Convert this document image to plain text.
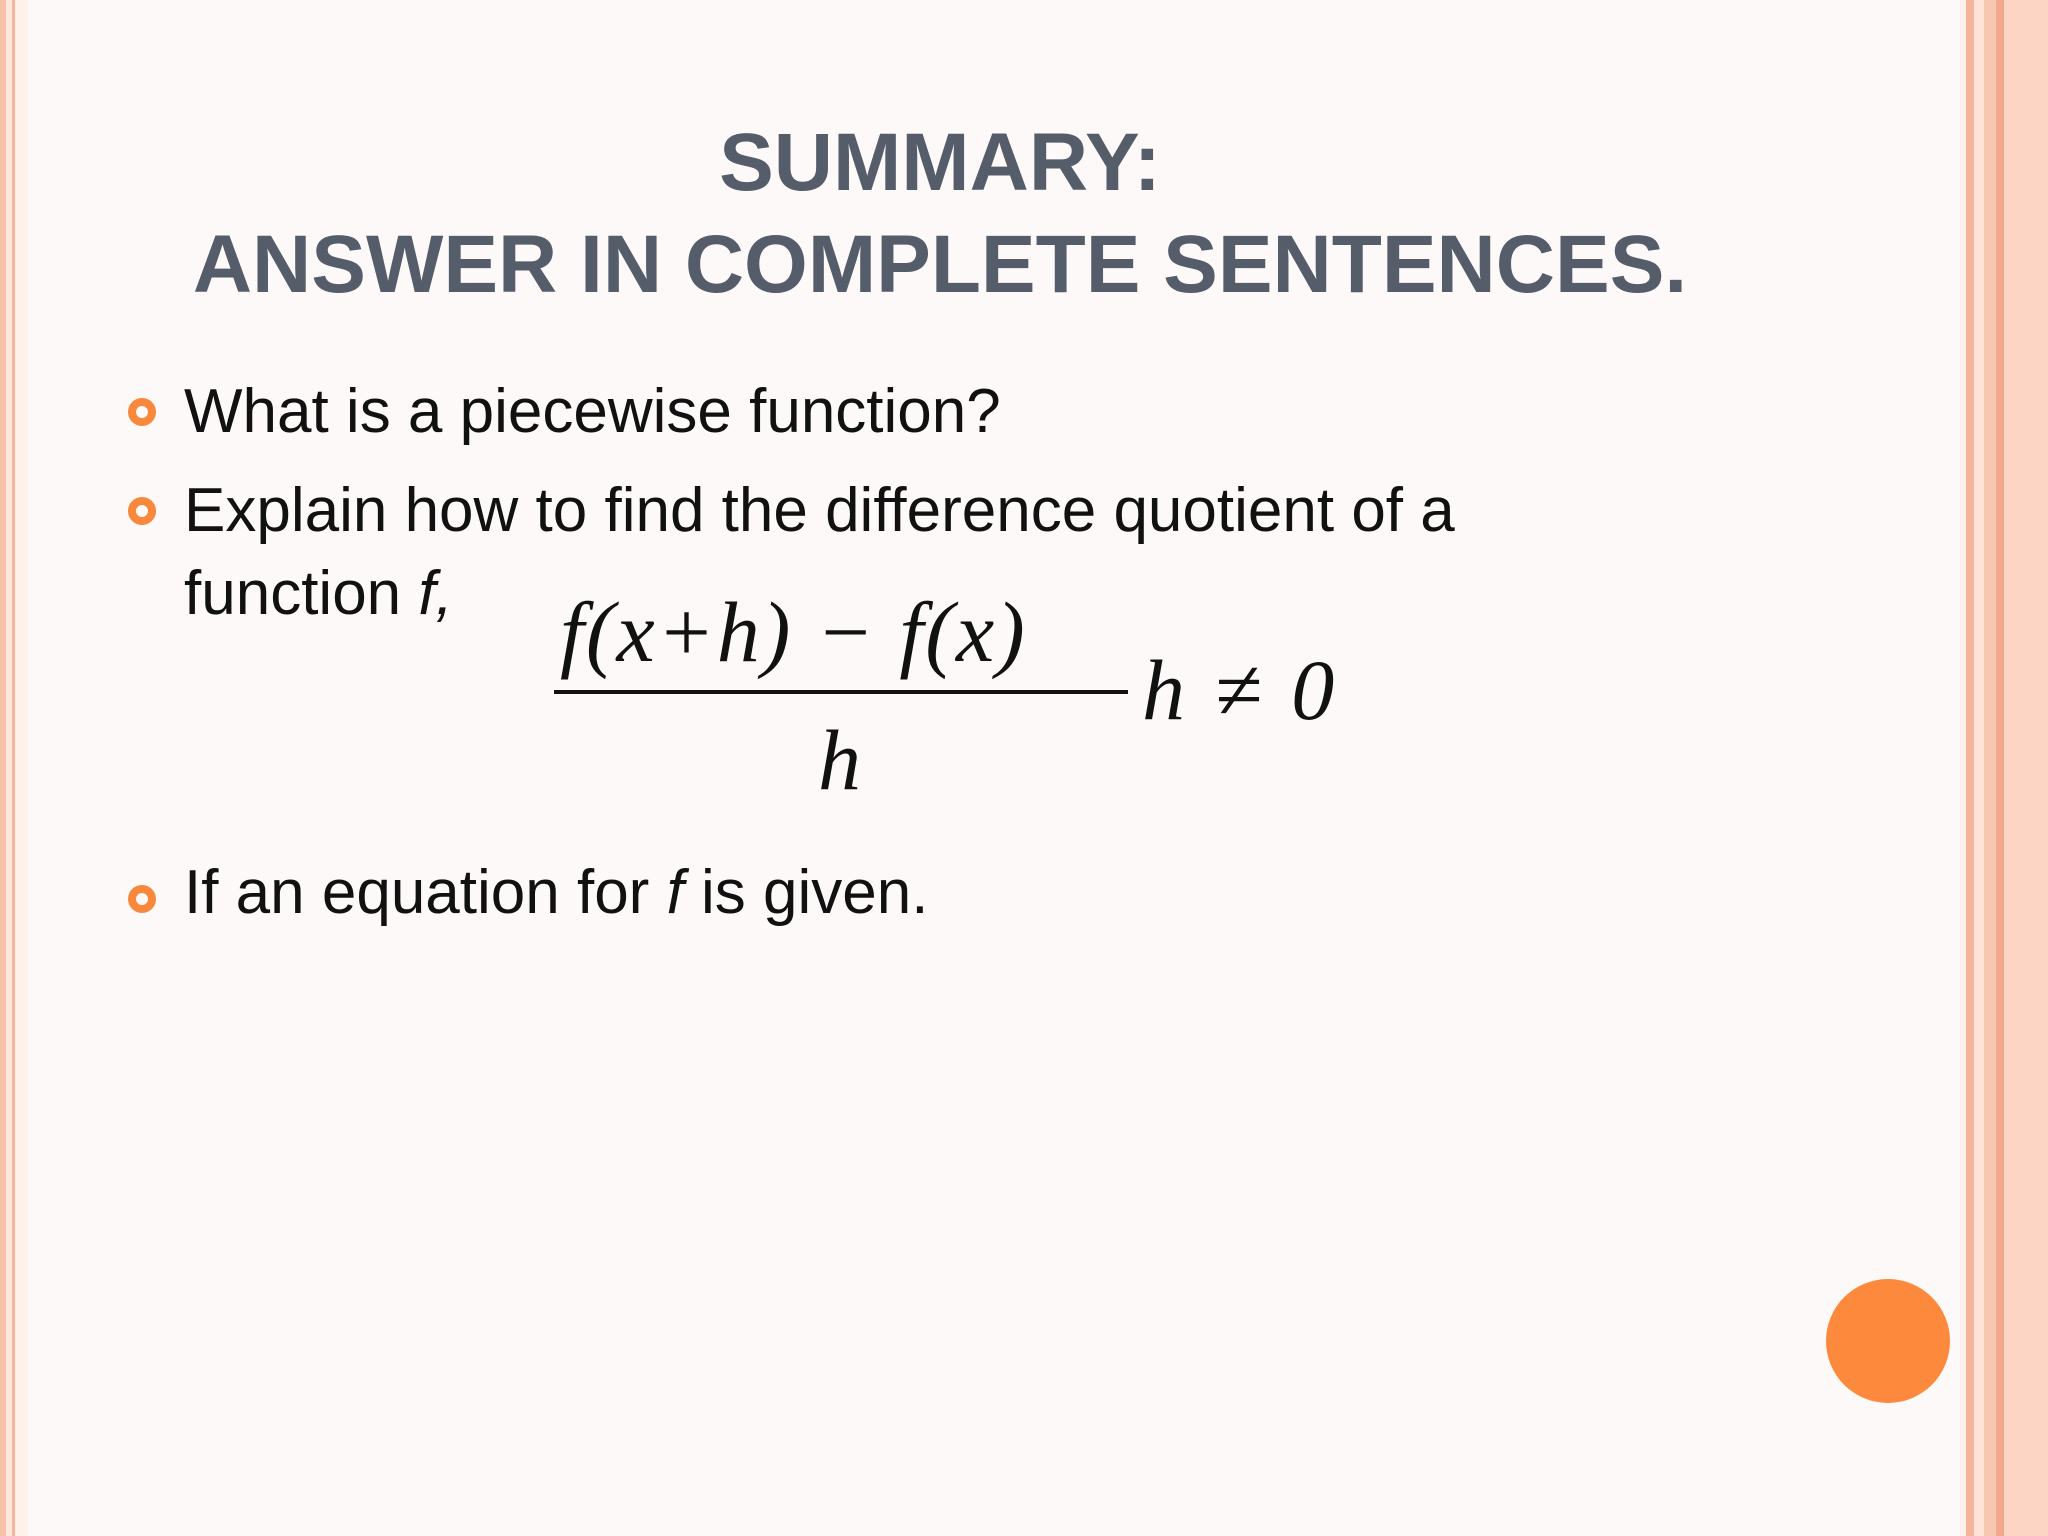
SUMMARY:
ANSWER IN COMPLETE SENTENCES.
What is a piecewise function?
Explain how to find the difference quotient of a
function f, f(x+h) − f(x)
h
h ≠ 0
If an equation for f is given.
